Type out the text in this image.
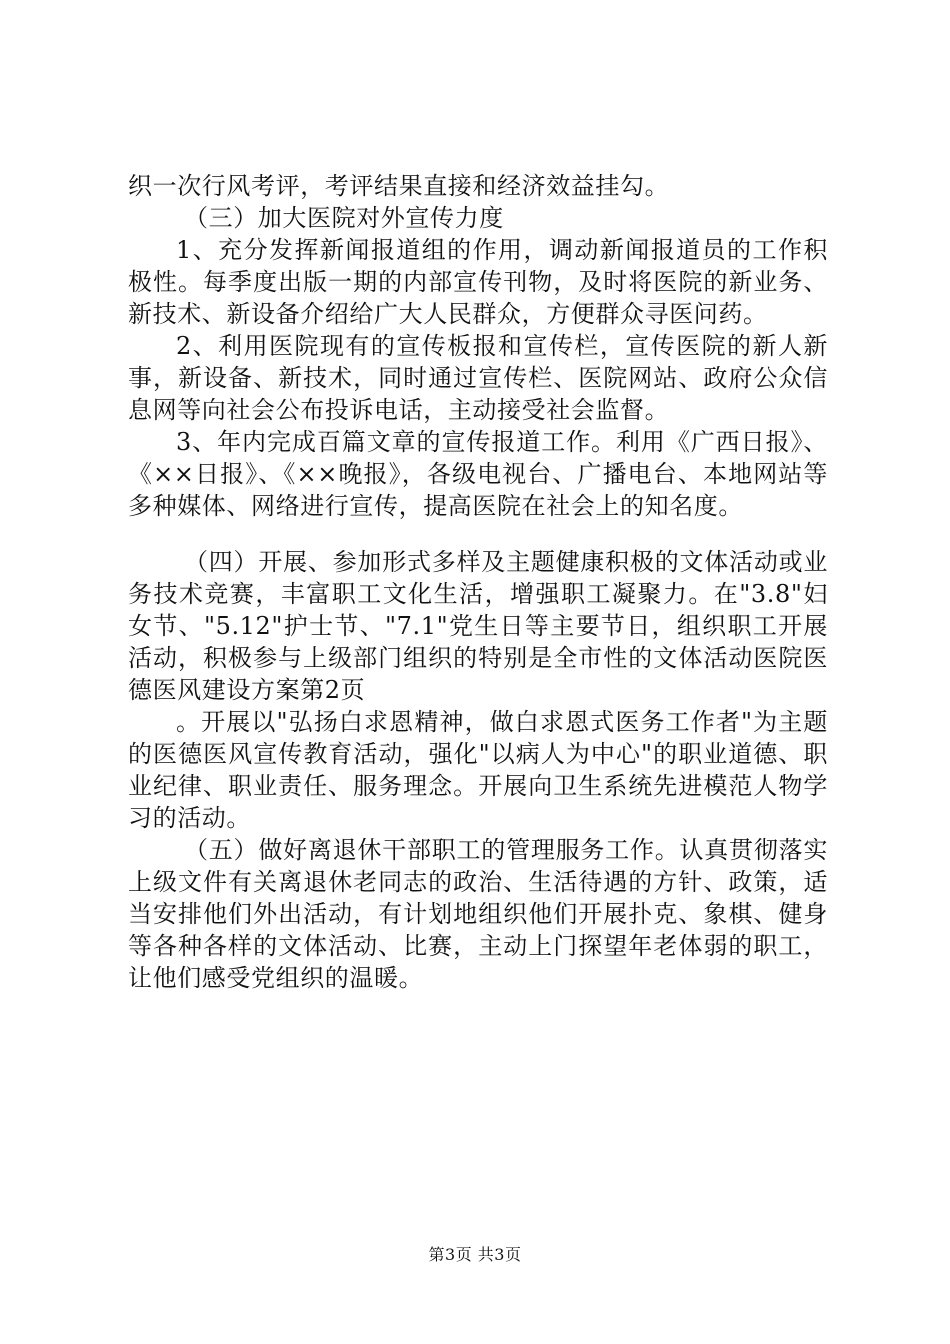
织一次行风考评，考评结果直接和经济效益挂勾。

（三）加大医院对外宣传力度

1、充分发挥新闻报道组的作用，调动新闻报道员的工作积极性。每季度出版一期的内部宣传刊物，及时将医院的新业务、新技术、新设备介绍给广大人民群众，方便群众寻医问药。

2、利用医院现有的宣传板报和宣传栏，宣传医院的新人新事，新设备、新技术，同时通过宣传栏、医院网站、政府公众信息网等向社会公布投诉电话，主动接受社会监督。

3、年内完成百篇文章的宣传报道工作。利用《广西日报》、《××日报》、《××晚报》，各级电视台、广播电台、本地网站等多种媒体、网络进行宣传，提高医院在社会上的知名度。

（四）开展、参加形式多样及主题健康积极的文体活动或业务技术竞赛，丰富职工文化生活，增强职工凝聚力。在"3.8"妇女节、"5.12"护士节、"7.1"党生日等主要节日，组织职工开展活动，积极参与上级部门组织的特别是全市性的文体活动医院医德医风建设方案第2页

。开展以"弘扬白求恩精神，做白求恩式医务工作者"为主题的医德医风宣传教育活动，强化"以病人为中心"的职业道德、职业纪律、职业责任、服务理念。开展向卫生系统先进模范人物学习的活动。

（五）做好离退休干部职工的管理服务工作。认真贯彻落实上级文件有关离退休老同志的政治、生活待遇的方针、政策，适当安排他们外出活动，有计划地组织他们开展扑克、象棋、健身等各种各样的文体活动、比赛，主动上门探望年老体弱的职工，让他们感受党组织的温暖。

第3页 共3页
